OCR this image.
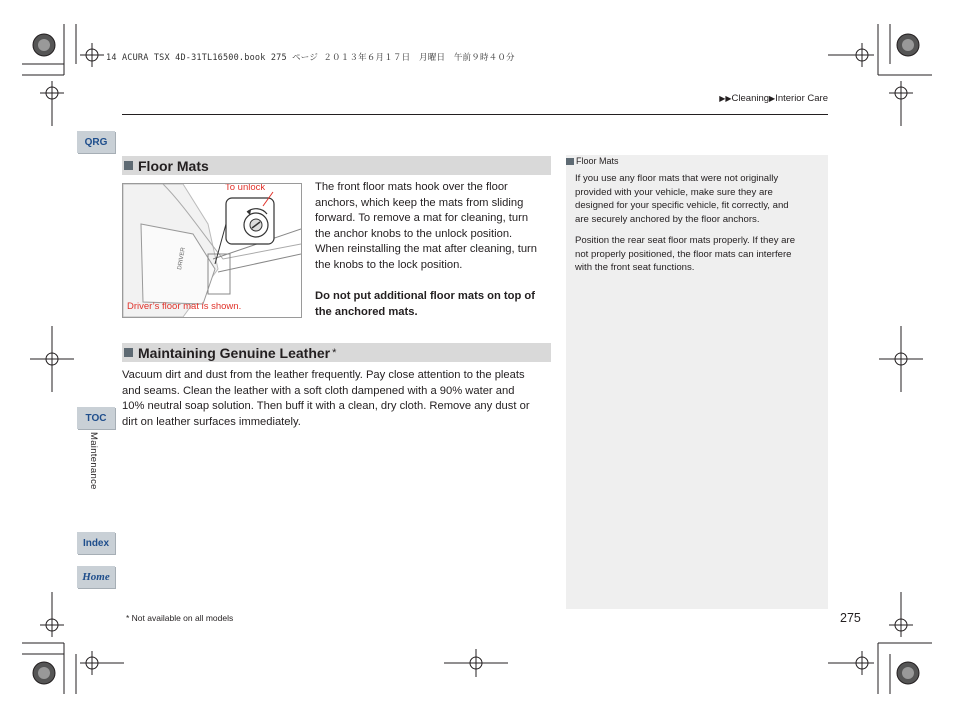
14 ACURA TSX 4D-31TL16500.book 275 ページ ２０１３年６月１７日　月曜日　午前９時４０分
▶▶Cleaning▶Interior Care
QRG
TOC
Maintenance
Index
Home
Floor Mats
DRIVER
To unlock
Driver’s floor mat is shown.
The front floor mats hook over the floor
anchors, which keep the mats from sliding
forward. To remove a mat for cleaning, turn
the anchor knobs to the unlock position.
When reinstalling the mat after cleaning, turn
the knobs to the lock position.
Do not put additional floor mats on top of
the anchored mats.
Maintaining Genuine Leather *
Vacuum dirt and dust from the leather frequently. Pay close attention to the pleats
and seams. Clean the leather with a soft cloth dampened with a 90% water and
10% neutral soap solution. Then buff it with a clean, dry cloth. Remove any dust or
dirt on leather surfaces immediately.
Floor Mats
If you use any floor mats that were not originally
provided with your vehicle, make sure they are
designed for your specific vehicle, fit correctly, and
are securely anchored by the floor anchors.
Position the rear seat floor mats properly. If they are
not properly positioned, the floor mats can interfere
with the front seat functions.
* Not available on all models	275
